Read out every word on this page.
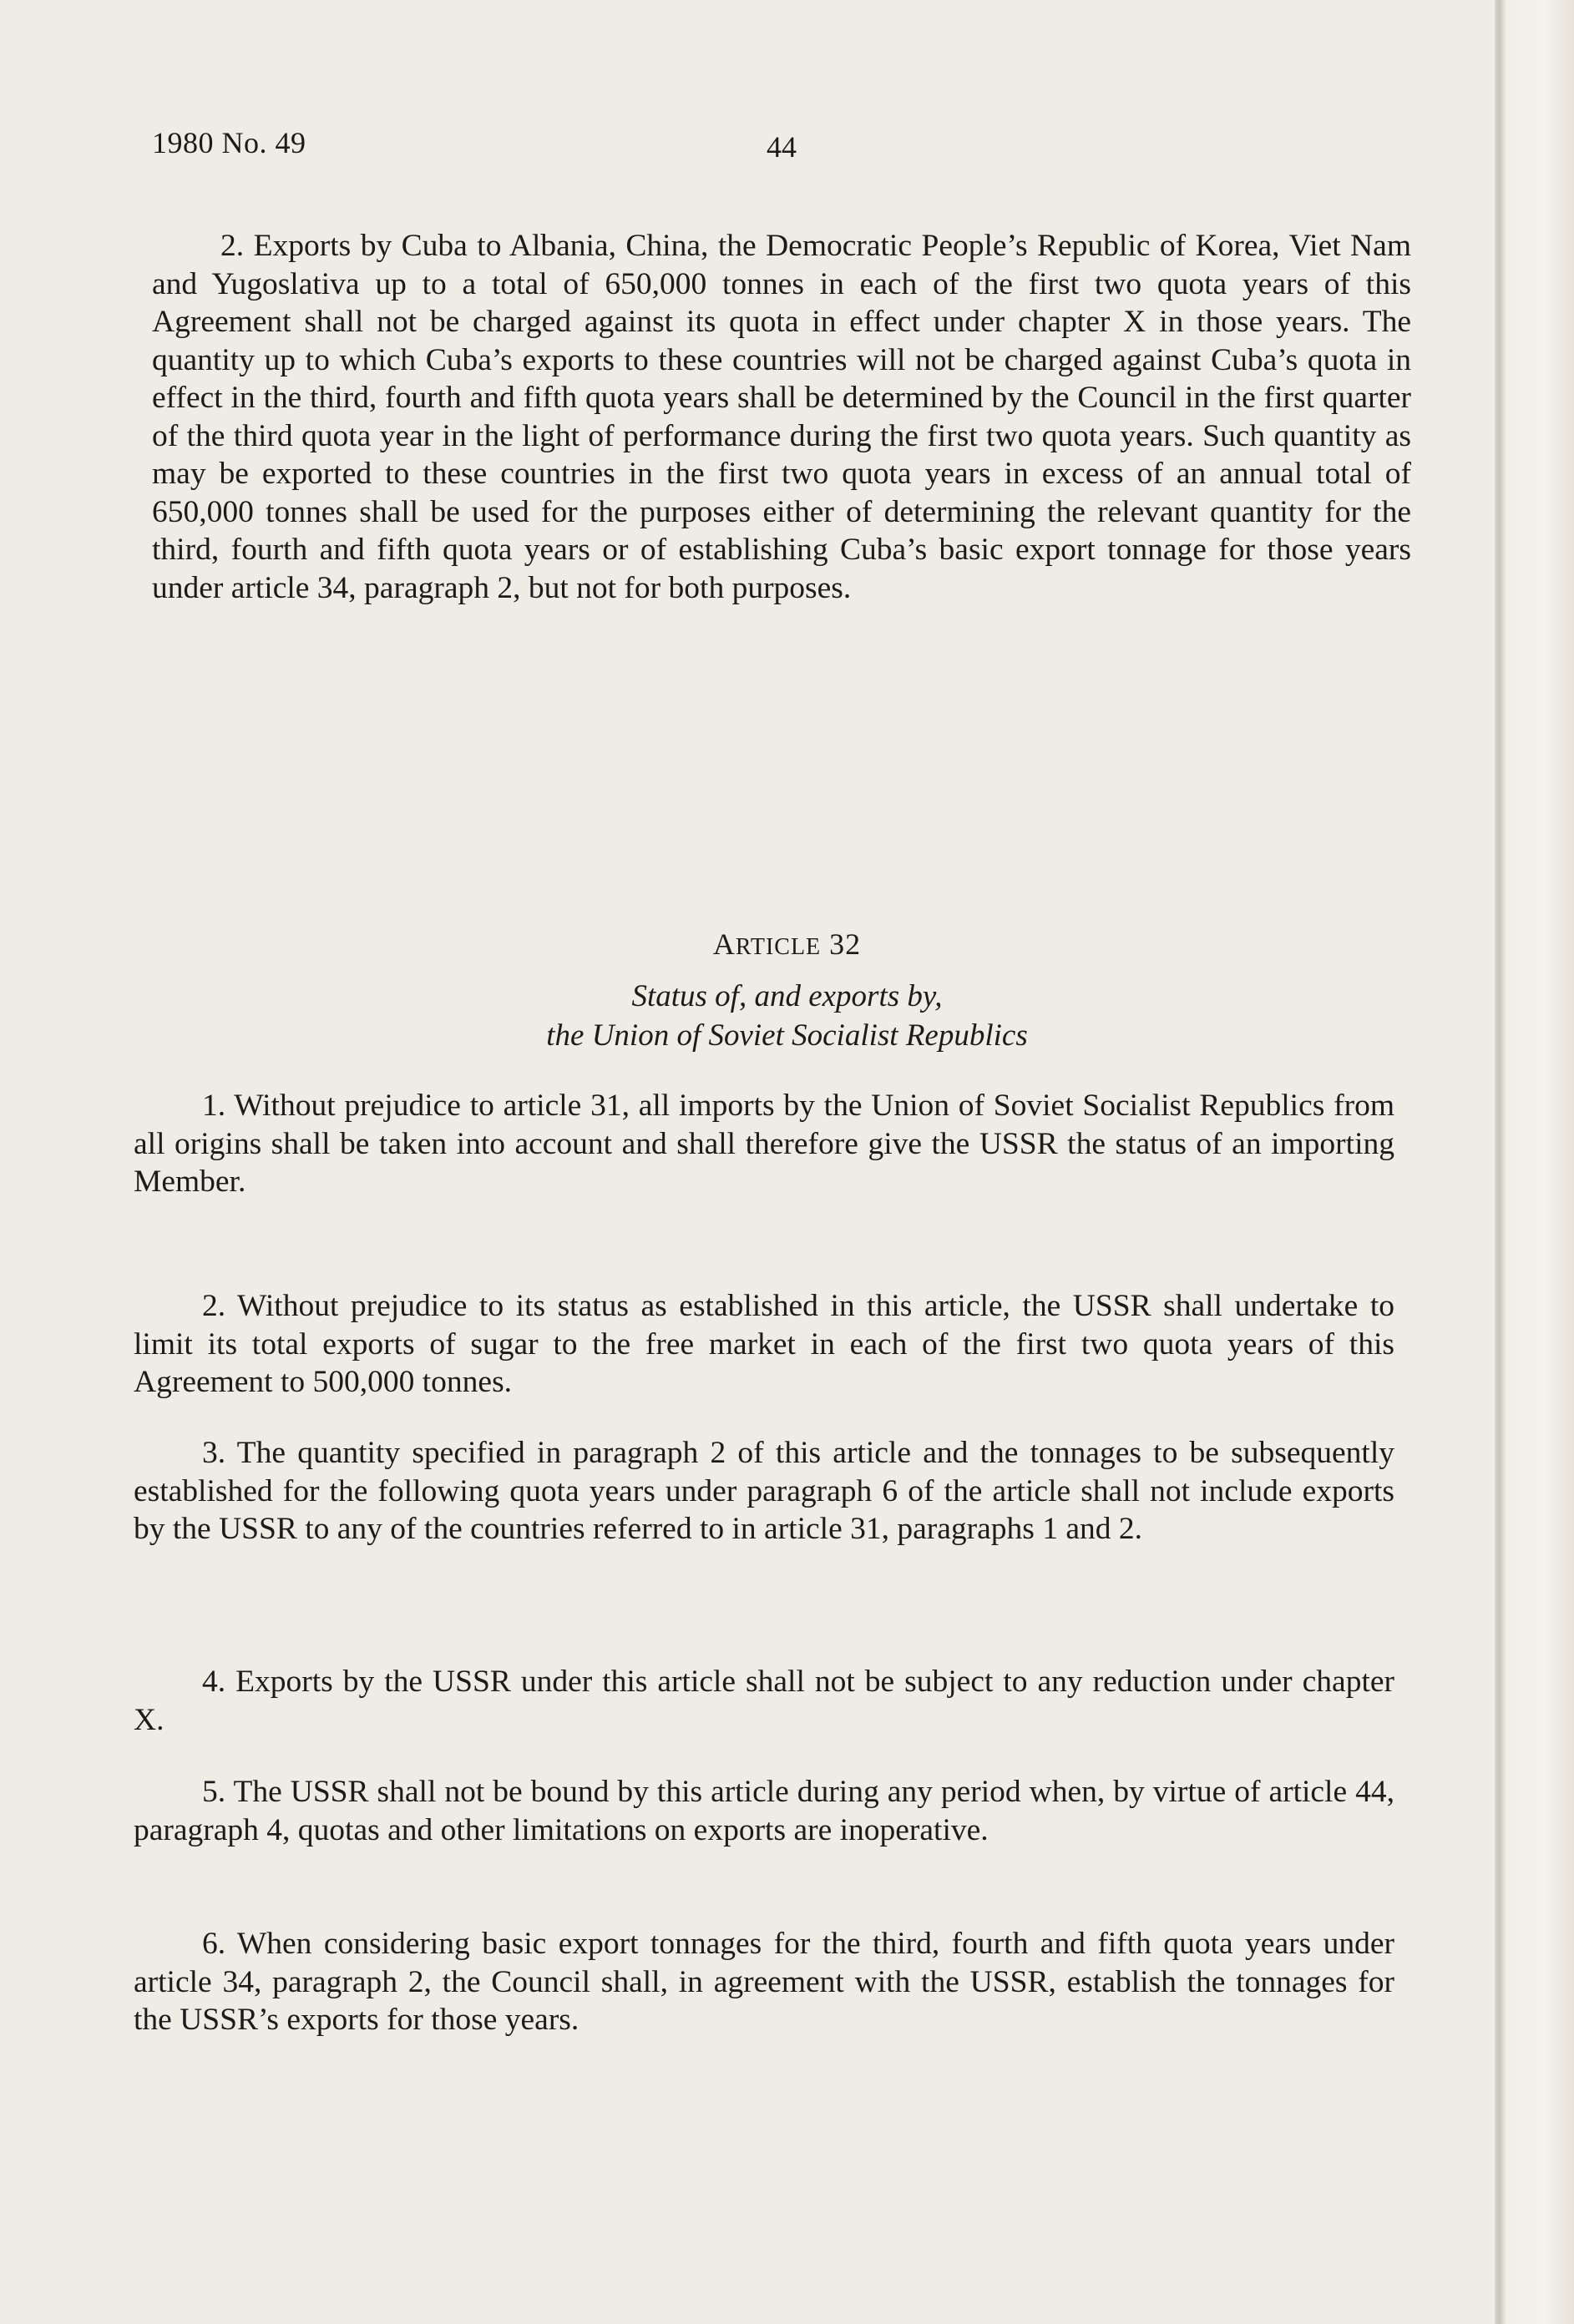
1980 No. 49	44

2. Exports by Cuba to Albania, China, the Democratic People’s Republic of Korea, Viet Nam and Yugoslativa up to a total of 650,000 tonnes in each of the first two quota years of this Agreement shall not be charged against its quota in effect under chapter X in those years. The quantity up to which Cuba’s exports to these countries will not be charged against Cuba’s quota in effect in the third, fourth and fifth quota years shall be determined by the Council in the first quarter of the third quota year in the light of performance during the first two quota years. Such quantity as may be exported to these countries in the first two quota years in excess of an annual total of 650,000 tonnes shall be used for the purposes either of determining the relevant quantity for the third, fourth and fifth quota years or of establishing Cuba’s basic export tonnage for those years under article 34, paragraph 2, but not for both purposes.

ARTICLE 32
Status of, and exports by,
the Union of Soviet Socialist Republics

1. Without prejudice to article 31, all imports by the Union of Soviet Socialist Republics from all origins shall be taken into account and shall therefore give the USSR the status of an importing Member.

2. Without prejudice to its status as established in this article, the USSR shall undertake to limit its total exports of sugar to the free market in each of the first two quota years of this Agreement to 500,000 tonnes.

3. The quantity specified in paragraph 2 of this article and the tonnages to be subsequently established for the following quota years under paragraph 6 of the article shall not include exports by the USSR to any of the countries referred to in article 31, paragraphs 1 and 2.

4. Exports by the USSR under this article shall not be subject to any reduction under chapter X.

5. The USSR shall not be bound by this article during any period when, by virtue of article 44, paragraph 4, quotas and other limitations on exports are inoperative.

6. When considering basic export tonnages for the third, fourth and fifth quota years under article 34, paragraph 2, the Council shall, in agreement with the USSR, establish the tonnages for the USSR’s exports for those years.
